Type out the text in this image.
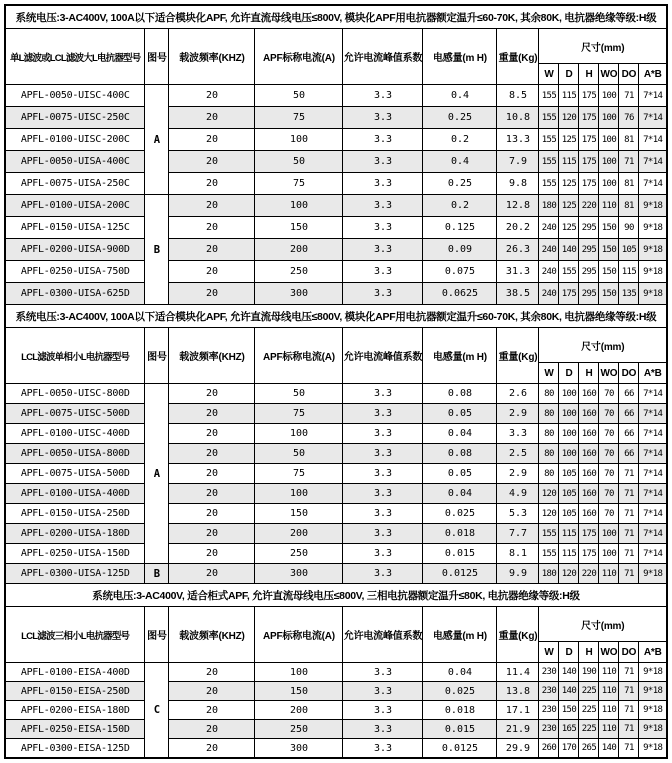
系统电压:3-AC400V, 100A以下适合模块化APF, 允许直流母线电压≤800V, 模块化APF用电抗器额定温升≤60-70K, 其余80K, 电抗器绝缘等级:H级												
单L滤波或LCL滤波大L电抗器型号	图号	载波频率(KHZ)	APF标称电流(A)	允许电流峰值系数	电感量(m H)	重量(Kg)	尺寸(mm)					
							W	D	H	WO	DO	A*B
APFL-0050-UISC-400C	A	20	50	3.3	0.4	8.5	155	115	175	100	71	7*14
APFL-0075-UISC-250C		20	75	3.3	0.25	10.8	155	120	175	100	76	7*14
APFL-0100-UISC-200C		20	100	3.3	0.2	13.3	155	125	175	100	81	7*14
APFL-0050-UISA-400C		20	50	3.3	0.4	7.9	155	115	175	100	71	7*14
APFL-0075-UISA-250C		20	75	3.3	0.25	9.8	155	125	175	100	81	7*14
APFL-0100-UISA-200C	B	20	100	3.3	0.2	12.8	180	125	220	110	81	9*18
APFL-0150-UISA-125C		20	150	3.3	0.125	20.2	240	125	295	150	90	9*18
APFL-0200-UISA-900D		20	200	3.3	0.09	26.3	240	140	295	150	105	9*18
APFL-0250-UISA-750D		20	250	3.3	0.075	31.3	240	155	295	150	115	9*18
APFL-0300-UISA-625D		20	300	3.3	0.0625	38.5	240	175	295	150	135	9*18
系统电压:3-AC400V, 100A以下适合模块化APF, 允许直流母线电压≤800V, 模块化APF用电抗器额定温升≤60-70K, 其余80K, 电抗器绝缘等级:H级												
LCL滤波单相小L电抗器型号	图号	载波频率(KHZ)	APF标称电流(A)	允许电流峰值系数	电感量(m H)	重量(Kg)	尺寸(mm)					
							W	D	H	WO	DO	A*B
APFL-0050-UISC-800D	A	20	50	3.3	0.08	2.6	80	100	160	70	66	7*14
APFL-0075-UISC-500D		20	75	3.3	0.05	2.9	80	100	160	70	66	7*14
APFL-0100-UISC-400D		20	100	3.3	0.04	3.3	80	100	160	70	66	7*14
APFL-0050-UISA-800D		20	50	3.3	0.08	2.5	80	100	160	70	66	7*14
APFL-0075-UISA-500D		20	75	3.3	0.05	2.9	80	105	160	70	71	7*14
APFL-0100-UISA-400D		20	100	3.3	0.04	4.9	120	105	160	70	71	7*14
APFL-0150-UISA-250D		20	150	3.3	0.025	5.3	120	105	160	70	71	7*14
APFL-0200-UISA-180D		20	200	3.3	0.018	7.7	155	115	175	100	71	7*14
APFL-0250-UISA-150D		20	250	3.3	0.015	8.1	155	115	175	100	71	7*14
APFL-0300-UISA-125D	B	20	300	3.3	0.0125	9.9	180	120	220	110	71	9*18
系统电压:3-AC400V, 适合柜式APF, 允许直流母线电压≤800V, 三相电抗器额定温升≤80K, 电抗器绝缘等级:H级												
LCL滤波三相小L电抗器型号	图号	载波频率(KHZ)	APF标称电流(A)	允许电流峰值系数	电感量(m H)	重量(Kg)	尺寸(mm)					
							W	D	H	WO	DO	A*B
APFL-0100-EISA-400D	C	20	100	3.3	0.04	11.4	230	140	190	110	71	9*18
APFL-0150-EISA-250D		20	150	3.3	0.025	13.8	230	140	225	110	71	9*18
APFL-0200-EISA-180D		20	200	3.3	0.018	17.1	230	150	225	110	71	9*18
APFL-0250-EISA-150D		20	250	3.3	0.015	21.9	230	165	225	110	71	9*18
APFL-0300-EISA-125D		20	300	3.3	0.0125	29.9	260	170	265	140	71	9*18
